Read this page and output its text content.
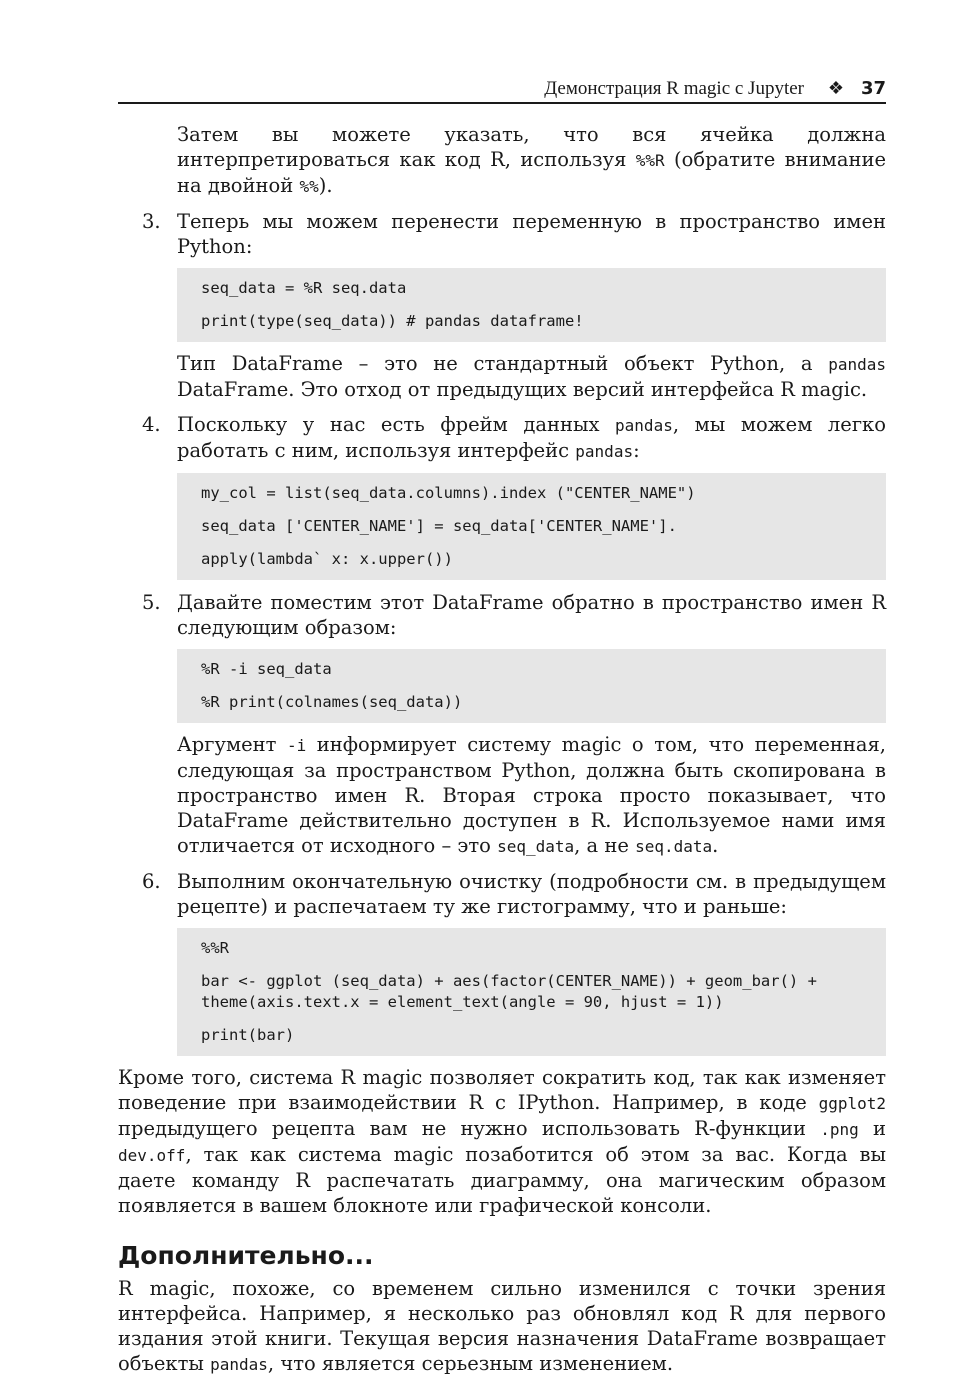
Демонстрация R magic с Jupyter ❖ 37

Затем вы можете указать, что вся ячейка должна интерпретироваться как код R, используя %%R (обратите внимание на двойной %%).

3. Теперь мы можем перенести переменную в пространство имен Python:

seq_data = %R seq.data
print(type(seq_data)) # pandas dataframe!

Тип DataFrame – это не стандартный объект Python, а pandas DataFrame. Это отход от предыдущих версий интерфейса R magic.

4. Поскольку у нас есть фрейм данных pandas, мы можем легко работать с ним, используя интерфейс pandas:

my_col = list(seq_data.columns).index ("CENTER_NAME")
seq_data ['CENTER_NAME'] = seq_data['CENTER_NAME'].
apply(lambda` x: x.upper())

5. Давайте поместим этот DataFrame обратно в пространство имен R следующим образом:

%R -i seq_data
%R print(colnames(seq_data))

Аргумент -i информирует систему magic о том, что переменная, следующая за пространством Python, должна быть скопирована в пространство имен R. Вторая строка просто показывает, что DataFrame действительно доступен в R. Используемое нами имя отличается от исходного – это seq_data, а не seq.data.

6. Выполним окончательную очистку (подробности см. в предыдущем рецепте) и распечатаем ту же гистограмму, что и раньше:

%%R
bar <- ggplot (seq_data) + aes(factor(CENTER_NAME)) + geom_bar() +
theme(axis.text.x = element_text(angle = 90, hjust = 1))
print(bar)

Кроме того, система R magic позволяет сократить код, так как изменяет поведение при взаимодействии R с IPython. Например, в коде ggplot2 предыдущего рецепта вам не нужно использовать R-функции .png и dev.off, так как система magic позаботится об этом за вас. Когда вы даете команду R распечатать диаграмму, она магическим образом появляется в вашем блокноте или графической консоли.

Дополнительно...

R magic, похоже, со временем сильно изменился с точки зрения интерфейса. Например, я несколько раз обновлял код R для первого издания этой книги. Текущая версия назначения DataFrame возвращает объекты pandas, что является серьезным изменением.
